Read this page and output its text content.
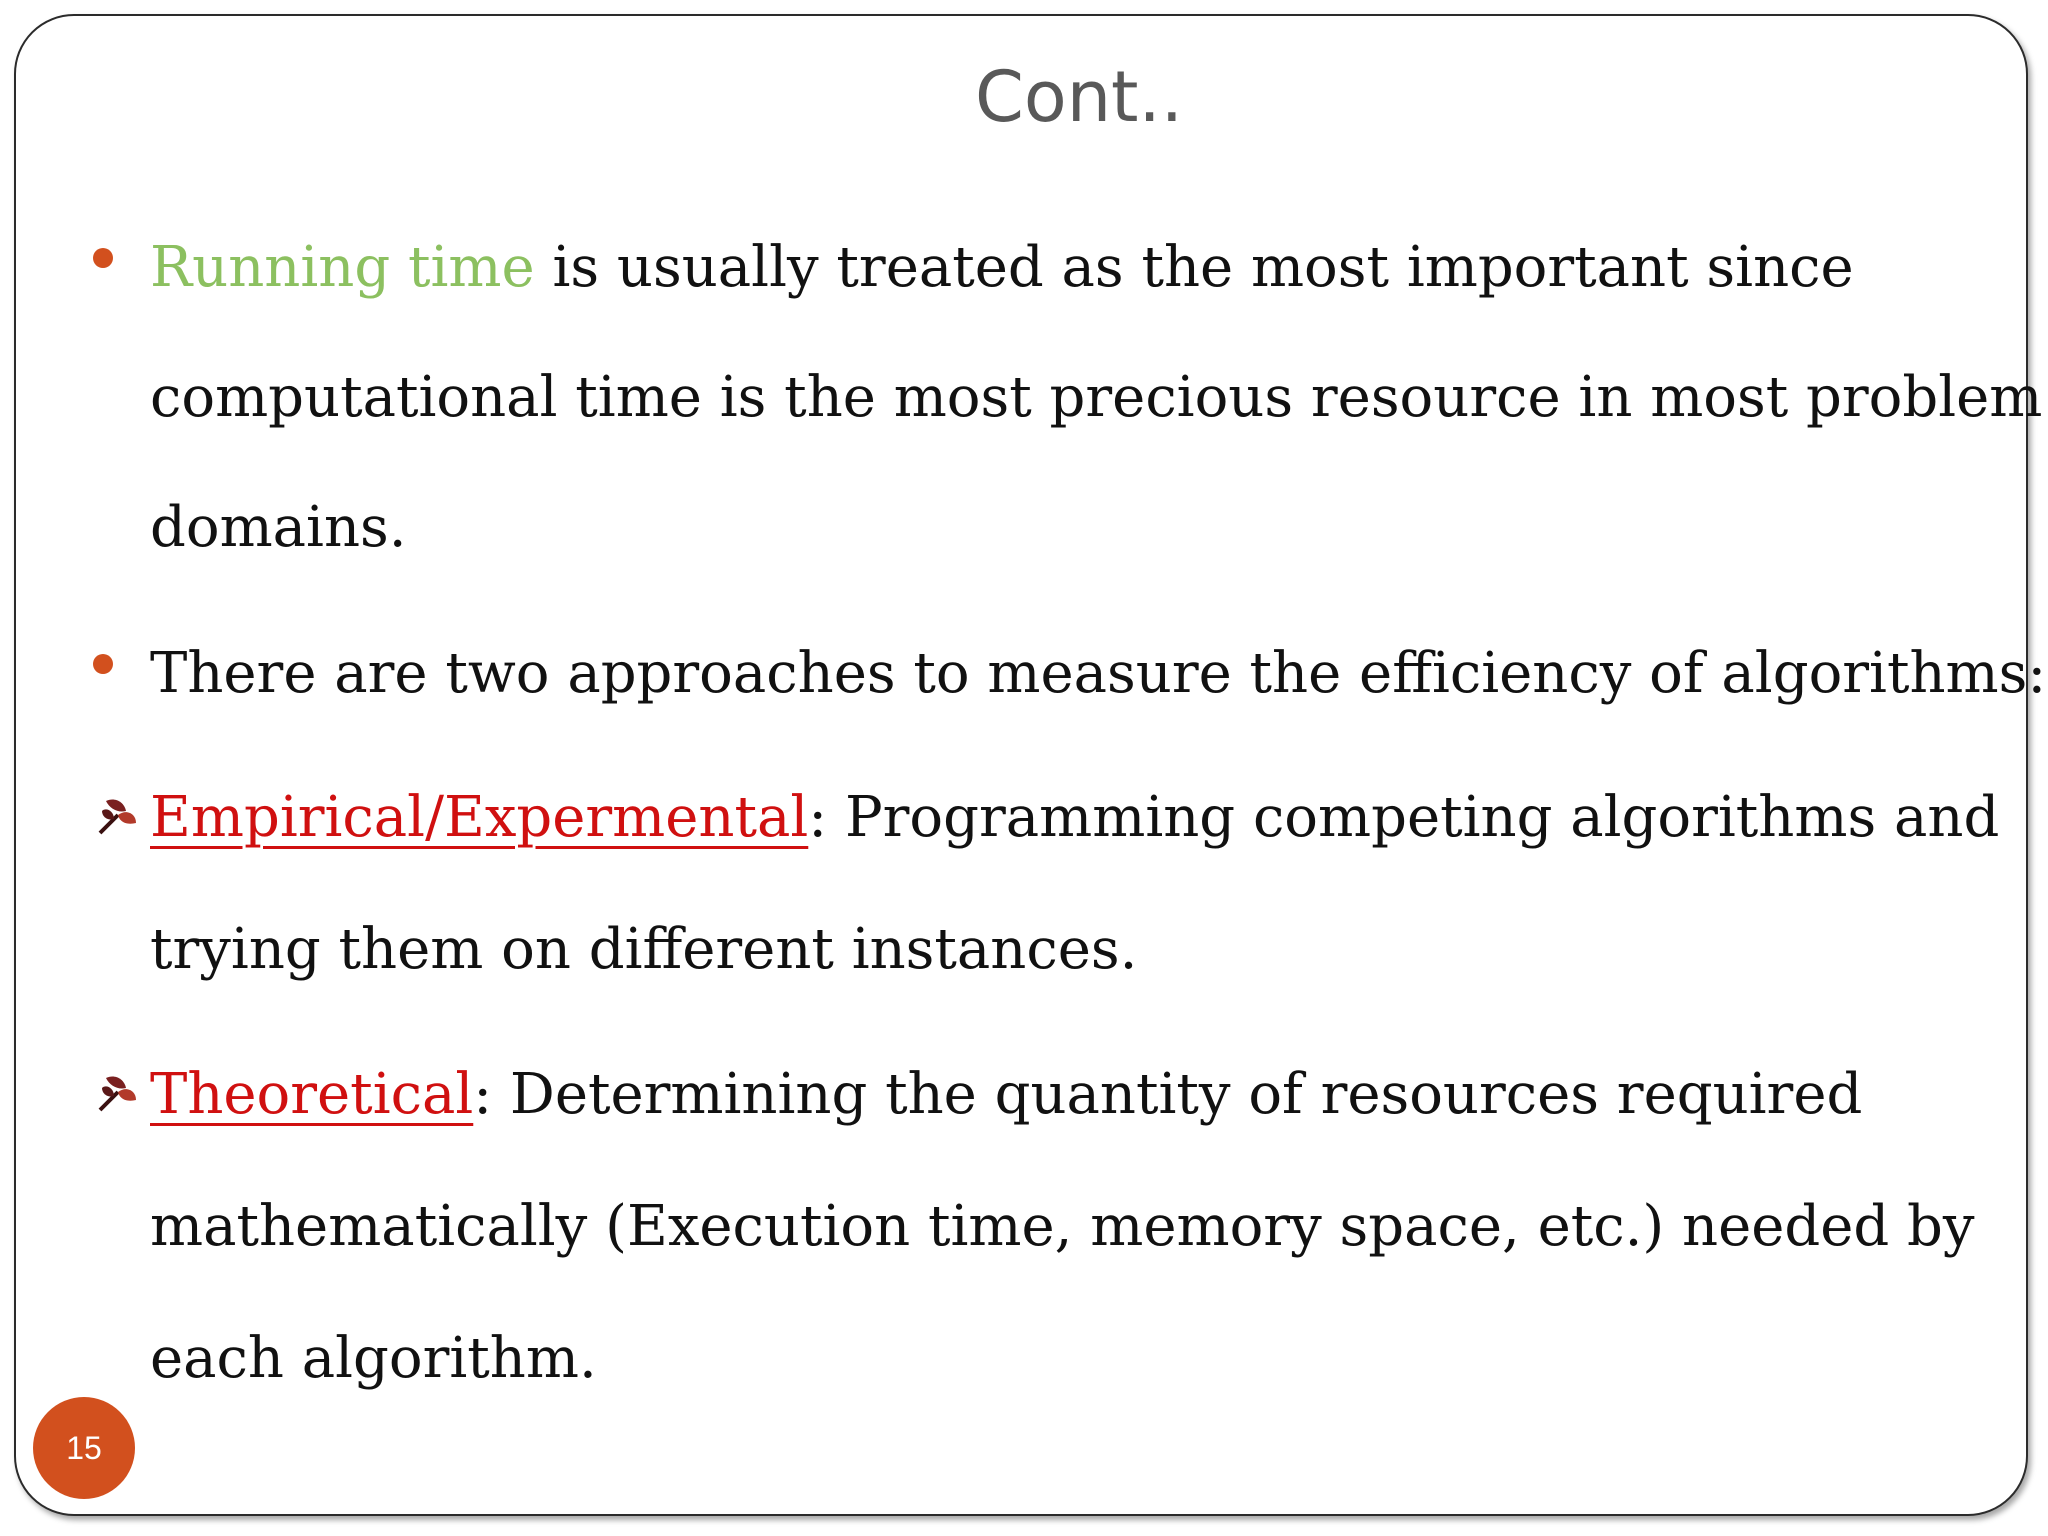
Cont..
Running time is usually treated as the most important since
computational time is the most precious resource in most problem
domains.
There are two approaches to measure the efficiency of algorithms:
Empirical/Expermental: Programming competing algorithms and
trying them on different instances.
Theoretical: Determining the quantity of resources required
mathematically (Execution time, memory space, etc.) needed by
each algorithm.
15
